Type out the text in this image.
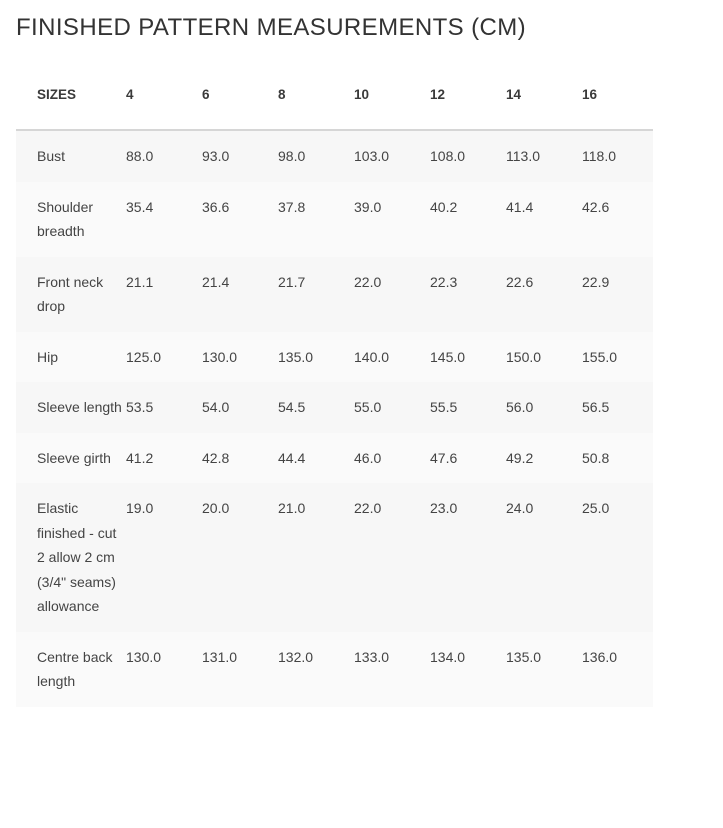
FINISHED PATTERN MEASUREMENTS (CM)
SIZES	4	6	8	10	12	14	16
Bust	88.0	93.0	98.0	103.0	108.0	113.0	118.0
Shoulder breadth	35.4	36.6	37.8	39.0	40.2	41.4	42.6
Front neck drop	21.1	21.4	21.7	22.0	22.3	22.6	22.9
Hip	125.0	130.0	135.0	140.0	145.0	150.0	155.0
Sleeve length	53.5	54.0	54.5	55.0	55.5	56.0	56.5
Sleeve girth	41.2	42.8	44.4	46.0	47.6	49.2	50.8
Elastic finished - cut 2 allow 2 cm (3/4" seams) allowance	19.0	20.0	21.0	22.0	23.0	24.0	25.0
Centre back length	130.0	131.0	132.0	133.0	134.0	135.0	136.0
